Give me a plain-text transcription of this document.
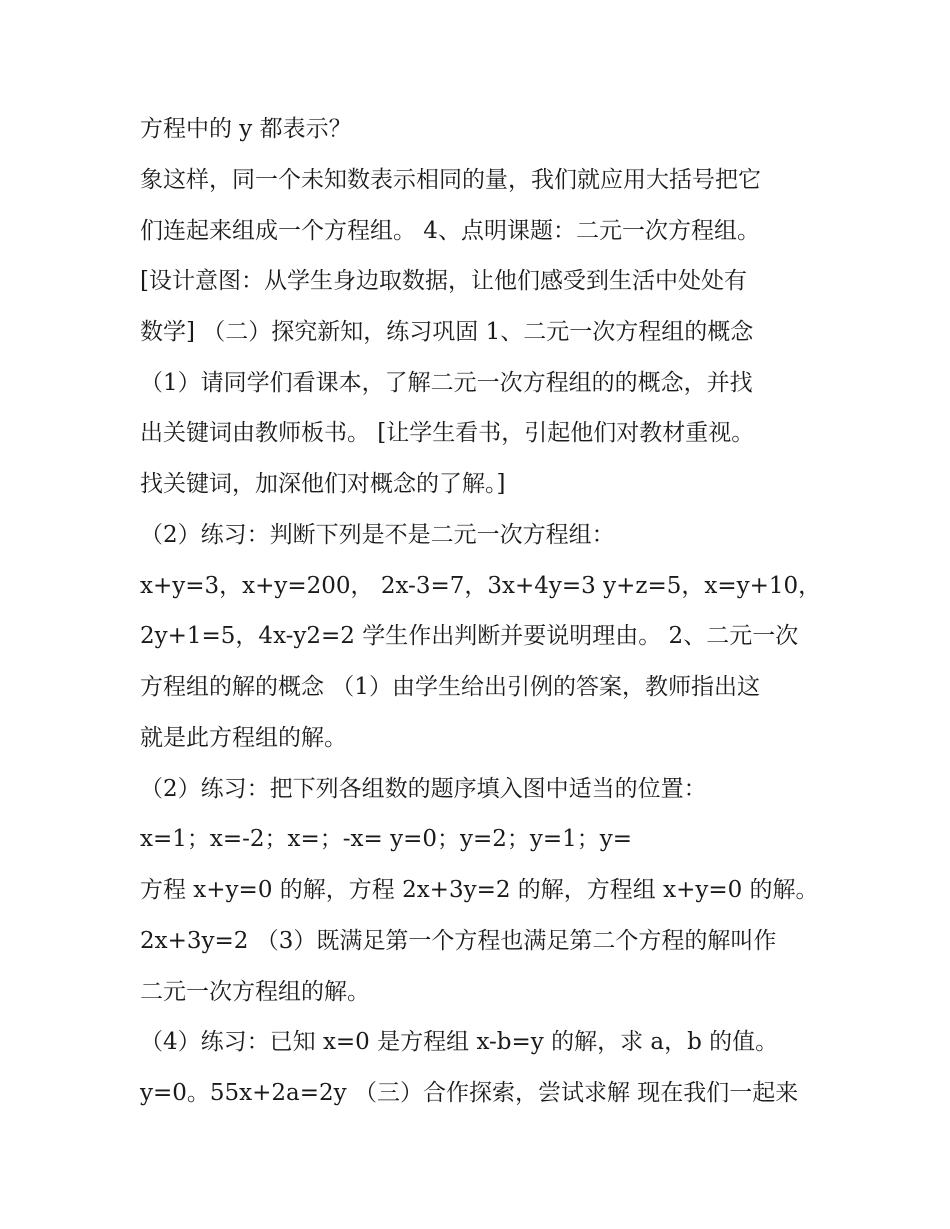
方程中的 y 都表示？
象这样，同一个未知数表示相同的量，我们就应用大括号把它
们连起来组成一个方程组。 4、点明课题：二元一次方程组。
[设计意图：从学生身边取数据，让他们感受到生活中处处有
数学] （二）探究新知，练习巩固 1、二元一次方程组的概念
（1）请同学们看课本，了解二元一次方程组的的概念，并找
出关键词由教师板书。 [让学生看书，引起他们对教材重视。
找关键词，加深他们对概念的了解。]
（2）练习：判断下列是不是二元一次方程组：
x+y=3，x+y=200， 2x-3=7，3x+4y=3 y+z=5，x=y+10，
2y+1=5，4x-y2=2 学生作出判断并要说明理由。 2、二元一次
方程组的解的概念 （1）由学生给出引例的答案，教师指出这
就是此方程组的解。
（2）练习：把下列各组数的题序填入图中适当的位置：
x=1；x=-2；x=；-x= y=0；y=2；y=1；y=
方程 x+y=0 的解，方程 2x+3y=2 的解，方程组 x+y=0 的解。
2x+3y=2 （3）既满足第一个方程也满足第二个方程的解叫作
二元一次方程组的解。
（4）练习：已知 x=0 是方程组 x-b=y 的解，求 a，b 的值。
y=0。55x+2a=2y （三）合作探索，尝试求解 现在我们一起来
